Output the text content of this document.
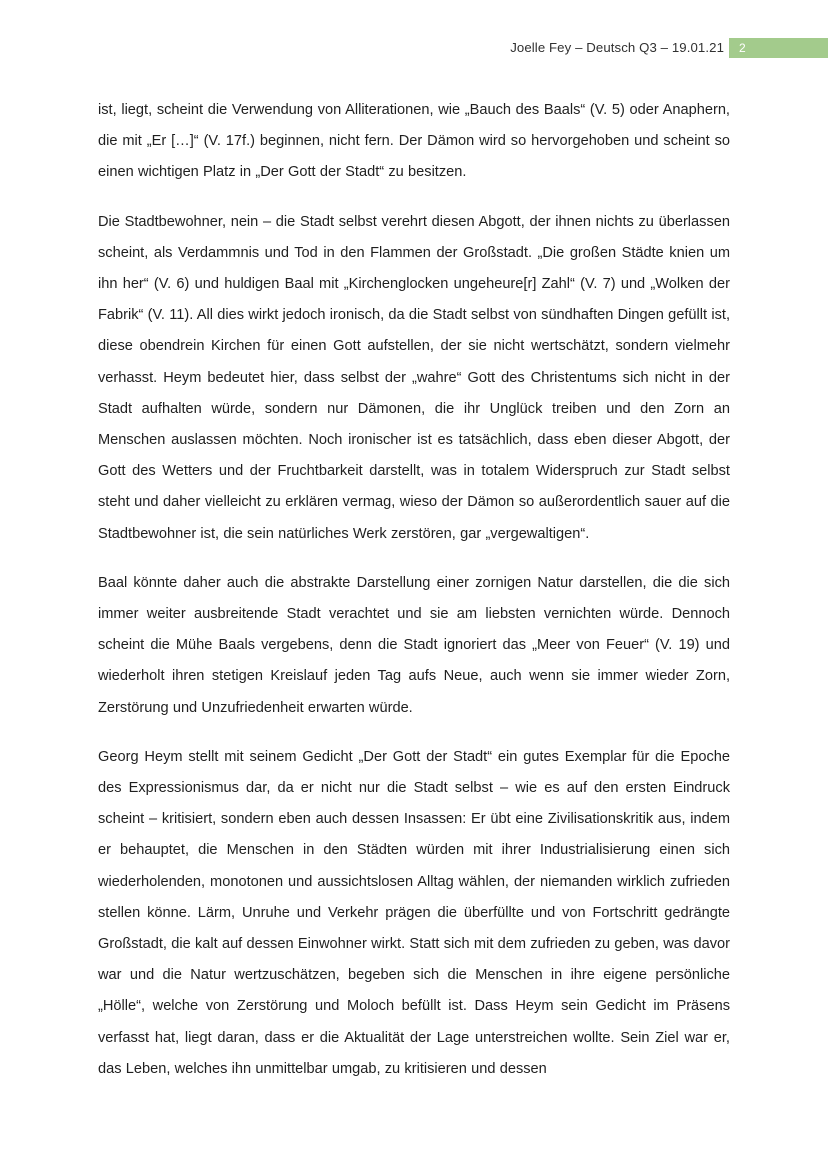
Joelle Fey – Deutsch Q3 – 19.01.21	2

ist, liegt, scheint die Verwendung von Alliterationen, wie „Bauch des Baals“ (V. 5) oder Anaphern, die mit „Er […]“ (V. 17f.) beginnen, nicht fern. Der Dämon wird so hervorgehoben und scheint so einen wichtigen Platz in „Der Gott der Stadt“ zu besitzen.

Die Stadtbewohner, nein – die Stadt selbst verehrt diesen Abgott, der ihnen nichts zu überlassen scheint, als Verdammnis und Tod in den Flammen der Großstadt. „Die großen Städte knien um ihn her“ (V. 6) und huldigen Baal mit „Kirchenglocken ungeheure[r] Zahl“ (V. 7) und „Wolken der Fabrik“ (V. 11). All dies wirkt jedoch ironisch, da die Stadt selbst von sündhaften Dingen gefüllt ist, diese obendrein Kirchen für einen Gott aufstellen, der sie nicht wertschätzt, sondern vielmehr verhasst. Heym bedeutet hier, dass selbst der „wahre“ Gott des Christentums sich nicht in der Stadt aufhalten würde, sondern nur Dämonen, die ihr Unglück treiben und den Zorn an Menschen auslassen möchten. Noch ironischer ist es tatsächlich, dass eben dieser Abgott, der Gott des Wetters und der Fruchtbarkeit darstellt, was in totalem Widerspruch zur Stadt selbst steht und daher vielleicht zu erklären vermag, wieso der Dämon so außerordentlich sauer auf die Stadtbewohner ist, die sein natürliches Werk zerstören, gar „vergewaltigen“.

Baal könnte daher auch die abstrakte Darstellung einer zornigen Natur darstellen, die die sich immer weiter ausbreitende Stadt verachtet und sie am liebsten vernichten würde. Dennoch scheint die Mühe Baals vergebens, denn die Stadt ignoriert das „Meer von Feuer“ (V. 19) und wiederholt ihren stetigen Kreislauf jeden Tag aufs Neue, auch wenn sie immer wieder Zorn, Zerstörung und Unzufriedenheit erwarten würde.

Georg Heym stellt mit seinem Gedicht „Der Gott der Stadt“ ein gutes Exemplar für die Epoche des Expressionismus dar, da er nicht nur die Stadt selbst – wie es auf den ersten Eindruck scheint – kritisiert, sondern eben auch dessen Insassen: Er übt eine Zivilisationskritik aus, indem er behauptet, die Menschen in den Städten würden mit ihrer Industrialisierung einen sich wiederholenden, monotonen und aussichtslosen Alltag wählen, der niemanden wirklich zufrieden stellen könne. Lärm, Unruhe und Verkehr prägen die überfüllte und von Fortschritt gedrängte Großstadt, die kalt auf dessen Einwohner wirkt. Statt sich mit dem zufrieden zu geben, was davor war und die Natur wertzuschätzen, begeben sich die Menschen in ihre eigene persönliche „Hölle“, welche von Zerstörung und Moloch befüllt ist. Dass Heym sein Gedicht im Präsens verfasst hat, liegt daran, dass er die Aktualität der Lage unterstreichen wollte. Sein Ziel war er, das Leben, welches ihn unmittelbar umgab, zu kritisieren und dessen
